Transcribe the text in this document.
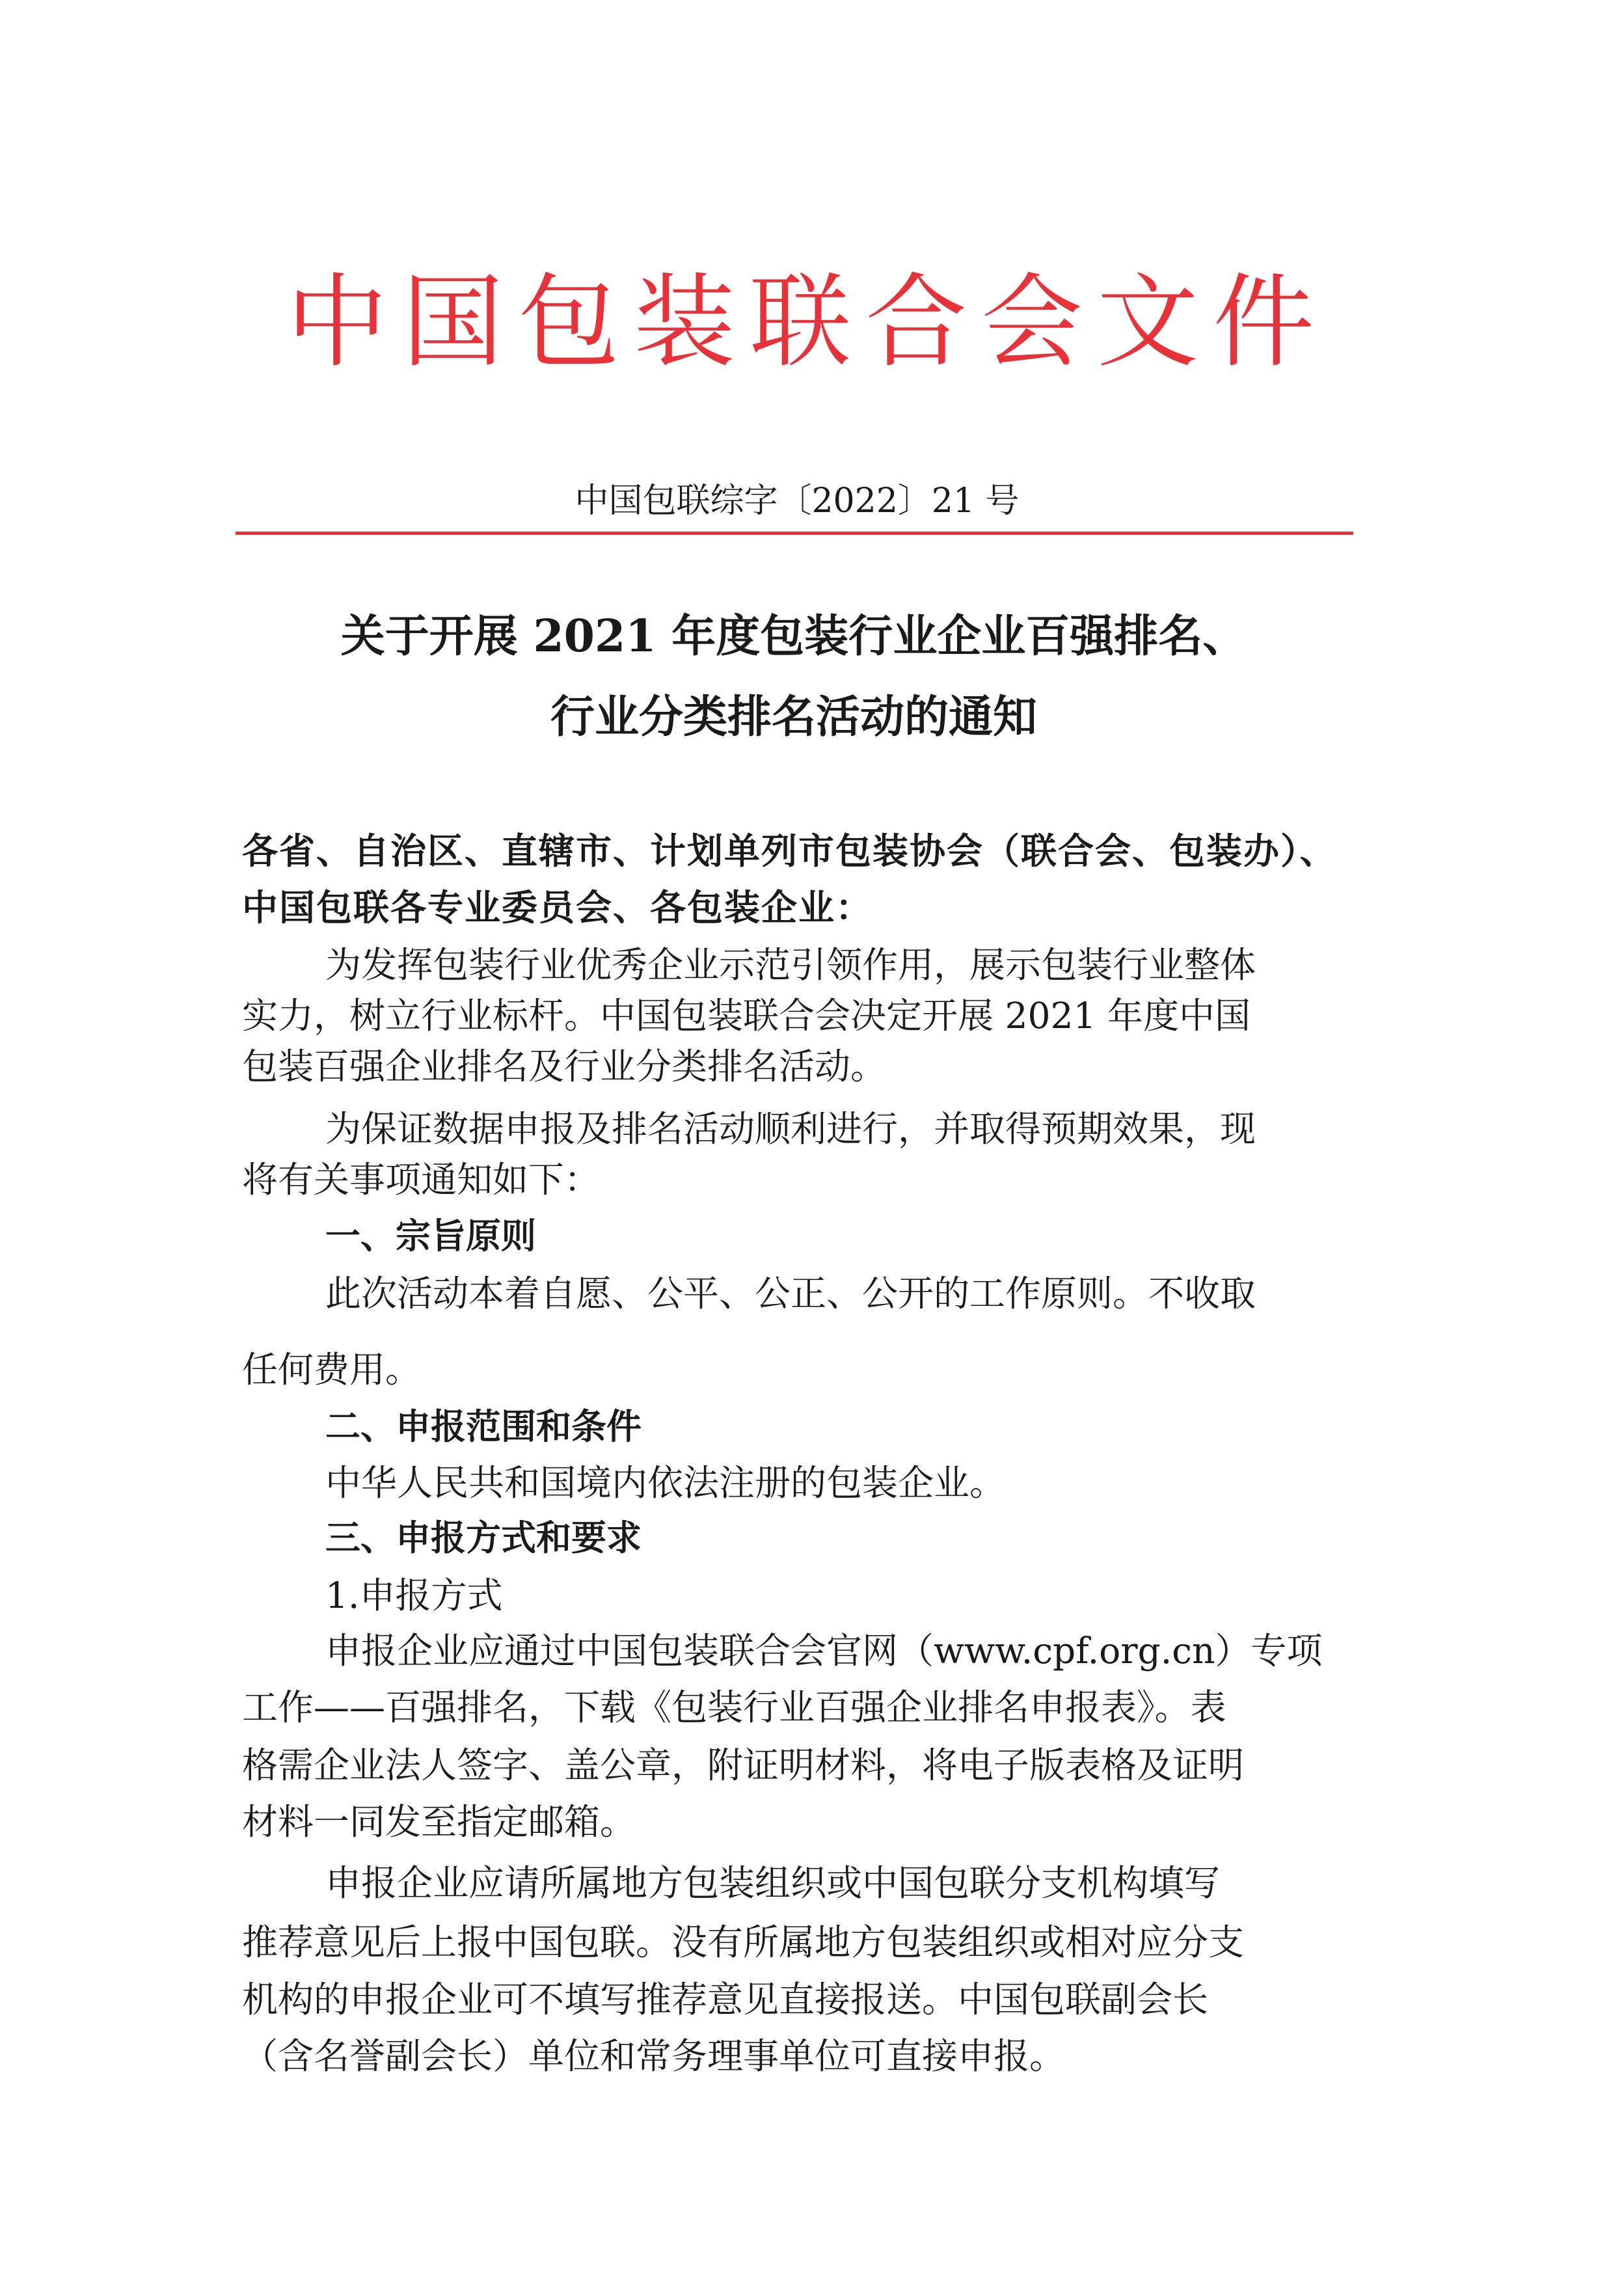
中国包装联合会文件
中国包联综字〔2022〕21 号
关于开展 2021 年度包装行业企业百强排名、
行业分类排名活动的通知
各省、自治区、直辖市、计划单列市包装协会（联合会、包装办）、
中国包联各专业委员会、各包装企业：
为发挥包装行业优秀企业示范引领作用，展示包装行业整体
实力，树立行业标杆。中国包装联合会决定开展 2021 年度中国
包装百强企业排名及行业分类排名活动。
为保证数据申报及排名活动顺利进行，并取得预期效果，现
将有关事项通知如下：
一、宗旨原则
此次活动本着自愿、公平、公正、公开的工作原则。不收取
任何费用。
二、申报范围和条件
中华人民共和国境内依法注册的包装企业。
三、申报方式和要求
1.申报方式
申报企业应通过中国包装联合会官网（www.cpf.org.cn）专项
工作——百强排名，下载《包装行业百强企业排名申报表》。表
格需企业法人签字、盖公章，附证明材料，将电子版表格及证明
材料一同发至指定邮箱。
申报企业应请所属地方包装组织或中国包联分支机构填写
推荐意见后上报中国包联。没有所属地方包装组织或相对应分支
机构的申报企业可不填写推荐意见直接报送。中国包联副会长
（含名誉副会长）单位和常务理事单位可直接申报。
